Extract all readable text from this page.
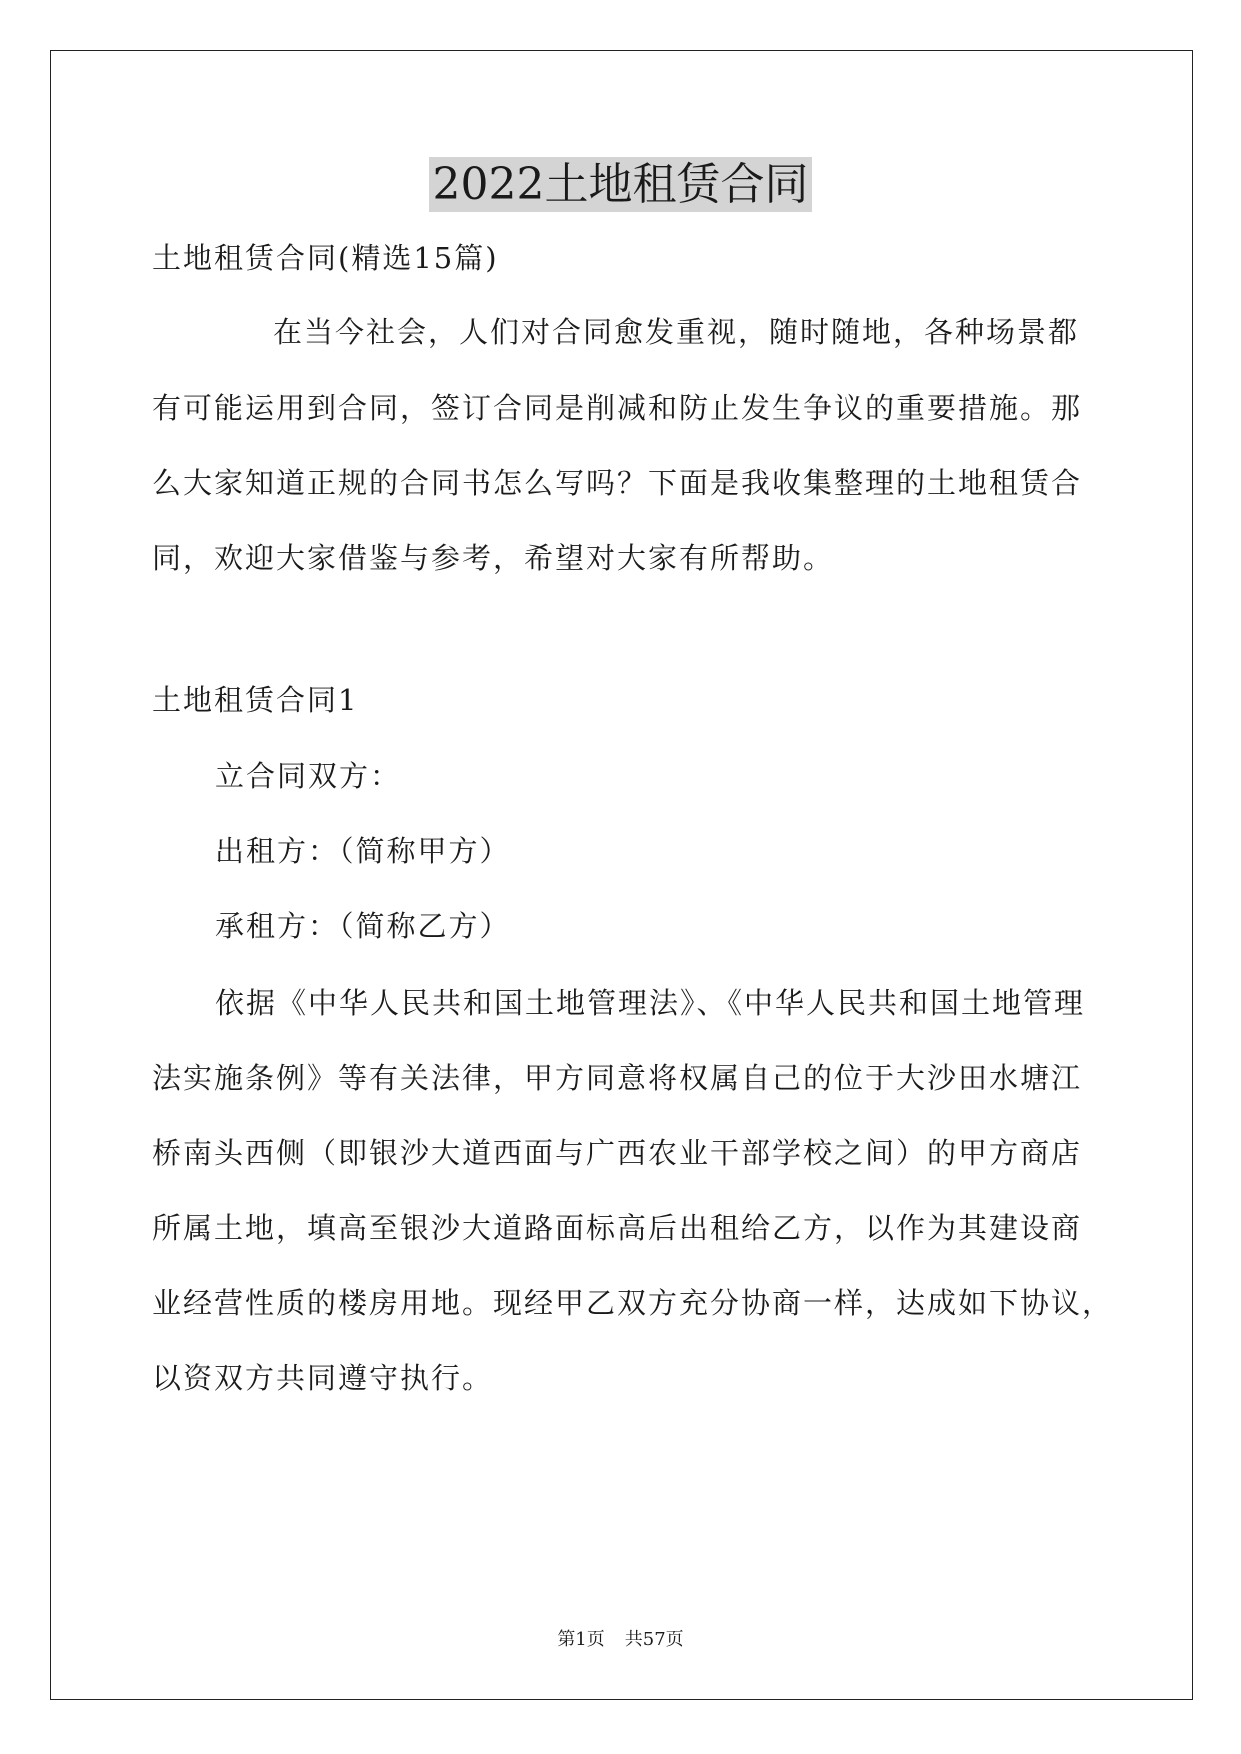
2022土地租赁合同
土地租赁合同(精选15篇)
在当今社会，人们对合同愈发重视，随时随地，各种场景都
有可能运用到合同，签订合同是削减和防止发生争议的重要措施。那
么大家知道正规的合同书怎么写吗？下面是我收集整理的土地租赁合
同，欢迎大家借鉴与参考，希望对大家有所帮助。
土地租赁合同1
立合同双方：
出租方：（简称甲方）
承租方：（简称乙方）
依据《中华人民共和国土地管理法》、《中华人民共和国土地管理
法实施条例》等有关法律，甲方同意将权属自己的位于大沙田水塘江
桥南头西侧（即银沙大道西面与广西农业干部学校之间）的甲方商店
所属土地，填高至银沙大道路面标高后出租给乙方，以作为其建设商
业经营性质的楼房用地。现经甲乙双方充分协商一样，达成如下协议，
以资双方共同遵守执行。
第1页 共57页
